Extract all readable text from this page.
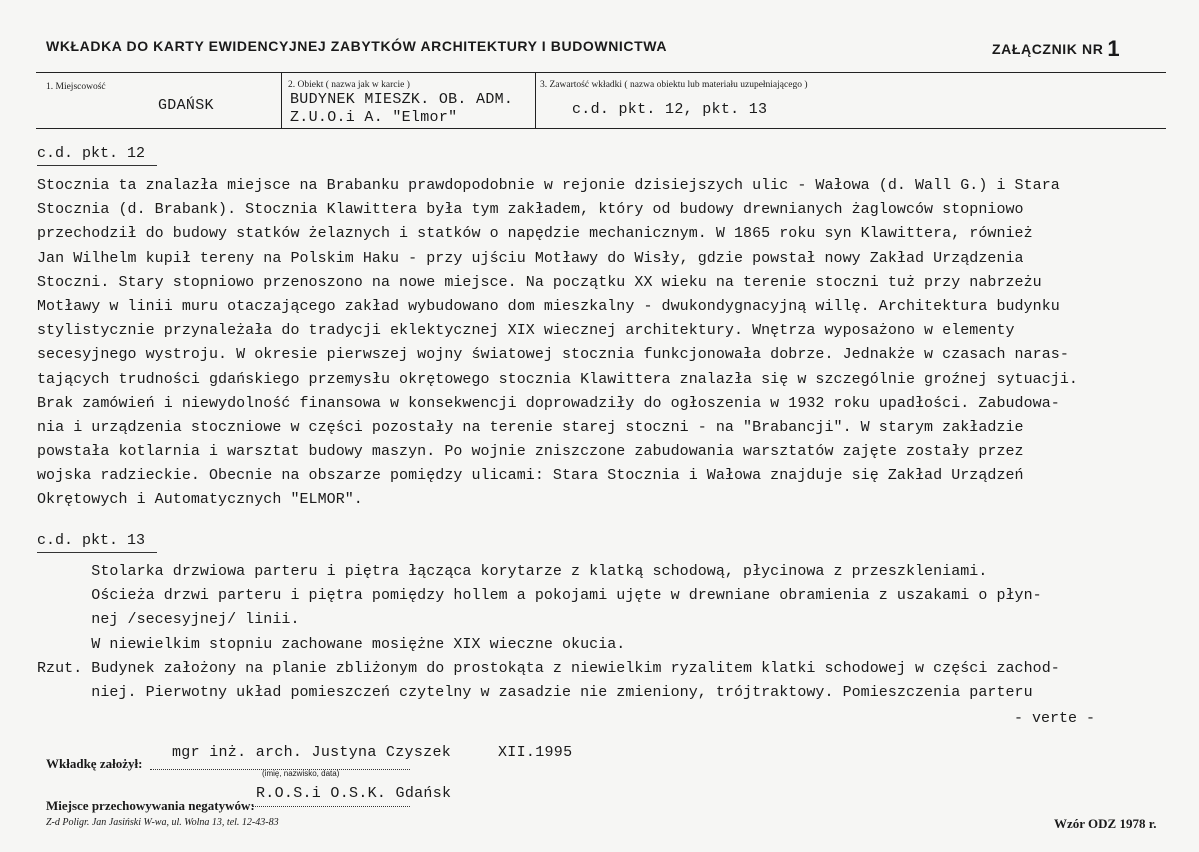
WKŁADKA DO KARTY EWIDENCYJNEJ ZABYTKÓW ARCHITEKTURY I BUDOWNICTWA	ZAŁĄCZNIK NR 1
1. Miejscowość
GDAŃSK
2. Obiekt ( nazwa jak w karcie )
BUDYNEK MIESZK. OB. ADM.
Z.U.O.i A. "Elmor"
3. Zawartość wkładki ( nazwa obiektu lub materiału uzupełniającego )
c.d. pkt. 12, pkt. 13
c.d. pkt. 12
Stocznia ta znalazła miejsce na Brabanku prawdopodobnie w rejonie dzisiejszych ulic - Wałowa (d. Wall G.) i Stara
Stocznia (d. Brabank). Stocznia Klawittera była tym zakładem, który od budowy drewnianych żaglowców stopniowo
przechodził do budowy statków żelaznych i statków o napędzie mechanicznym. W 1865 roku syn Klawittera, również
Jan Wilhelm kupił tereny na Polskim Haku - przy ujściu Motławy do Wisły, gdzie powstał nowy Zakład Urządzenia
Stoczni. Stary stopniowo przenoszono na nowe miejsce. Na początku XX wieku na terenie stoczni tuż przy nabrzeżu
Motławy w linii muru otaczającego zakład wybudowano dom mieszkalny - dwukondygnacyjną willę. Architektura budynku
stylistycznie przynależała do tradycji eklektycznej XIX wiecznej architektury. Wnętrza wyposażono w elementy
secesyjnego wystroju. W okresie pierwszej wojny światowej stocznia funkcjonowała dobrze. Jednakże w czasach naras-
tających trudności gdańskiego przemysłu okrętowego stocznia Klawittera znalazła się w szczególnie groźnej sytuacji.
Brak zamówień i niewydolność finansowa w konsekwencji doprowadziły do ogłoszenia w 1932 roku upadłości. Zabudowa-
nia i urządzenia stoczniowe w części pozostały na terenie starej stoczni - na "Brabancji". W starym zakładzie
powstała kotlarnia i warsztat budowy maszyn. Po wojnie zniszczone zabudowania warsztatów zajęte zostały przez
wojska radzieckie. Obecnie na obszarze pomiędzy ulicami: Stara Stocznia i Wałowa znajduje się Zakład Urządzeń
Okrętowych i Automatycznych "ELMOR".
c.d. pkt. 13
Stolarka drzwiowa parteru i piętra łącząca korytarze z klatką schodową, płycinowa z przeszkleniami.
Ościeża drzwi parteru i piętra pomiędzy hollem a pokojami ujęte w drewniane obramienia z uszakami o płyn-
nej /secesyjnej/ linii.
W niewielkim stopniu zachowane mosiężne XIX wieczne okucia.
Rzut. Budynek założony na planie zbliżonym do prostokąta z niewielkim ryzalitem klatki schodowej w części zachod-
niej. Pierwotny układ pomieszczeń czytelny w zasadzie nie zmieniony, trójtraktowy. Pomieszczenia parteru
- verte -
Wkładkę założył:
mgr inż. arch. Justyna Czyszek	XII.1995
(imię, nazwisko, data)
Miejsce przechowywania negatywów:
R.O.S.i O.S.K. Gdańsk
Z-d Poligr. Jan Jasiński W-wa, ul. Wolna 13, tel. 12-43-83	Wzór ODZ 1978 r.
